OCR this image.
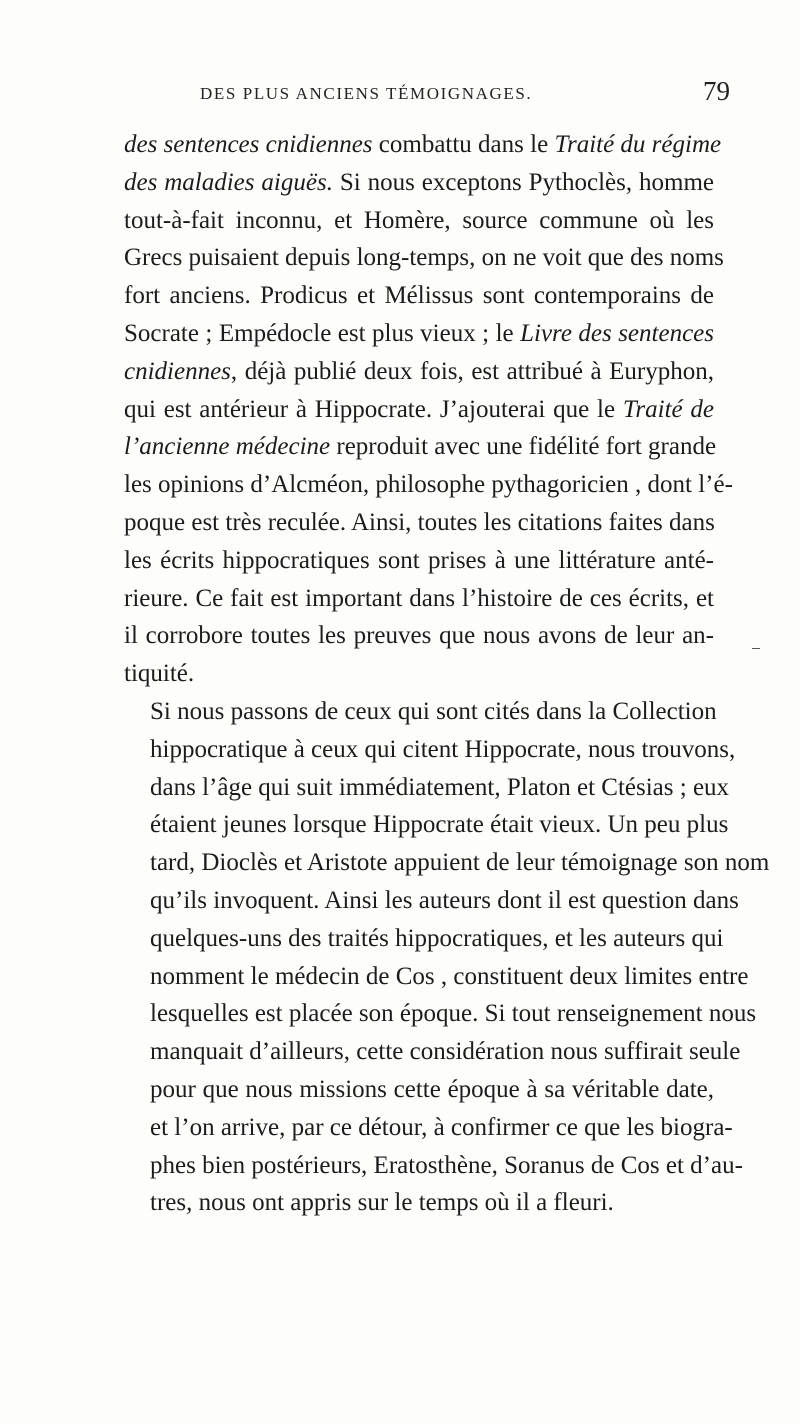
DES PLUS ANCIENS TÉMOIGNAGES.	79
des sentences cnidiennes combattu dans le Traité du régime
des maladies aiguës. Si nous exceptons Pythoclès, homme
tout-à-fait inconnu, et Homère, source commune où les
Grecs puisaient depuis long-temps, on ne voit que des noms
fort anciens. Prodicus et Mélissus sont contemporains de
Socrate ; Empédocle est plus vieux ; le Livre des sentences
cnidiennes, déjà publié deux fois, est attribué à Euryphon,
qui est antérieur à Hippocrate. J’ajouterai que le Traité de
l’ancienne médecine reproduit avec une fidélité fort grande
les opinions d’Alcméon, philosophe pythagoricien , dont l’é-
poque est très reculée. Ainsi, toutes les citations faites dans
les écrits hippocratiques sont prises à une littérature anté-
rieure. Ce fait est important dans l’histoire de ces écrits, et
il corrobore toutes les preuves que nous avons de leur an-
tiquité.
Si nous passons de ceux qui sont cités dans la Collection
hippocratique à ceux qui citent Hippocrate, nous trouvons,
dans l’âge qui suit immédiatement, Platon et Ctésias ; eux
étaient jeunes lorsque Hippocrate était vieux. Un peu plus
tard, Dioclès et Aristote appuient de leur témoignage son nom
qu’ils invoquent. Ainsi les auteurs dont il est question dans
quelques-uns des traités hippocratiques, et les auteurs qui
nomment le médecin de Cos , constituent deux limites entre
lesquelles est placée son époque. Si tout renseignement nous
manquait d’ailleurs, cette considération nous suffirait seule
pour que nous missions cette époque à sa véritable date,
et l’on arrive, par ce détour, à confirmer ce que les biogra-
phes bien postérieurs, Eratosthène, Soranus de Cos et d’au-
tres, nous ont appris sur le temps où il a fleuri.
